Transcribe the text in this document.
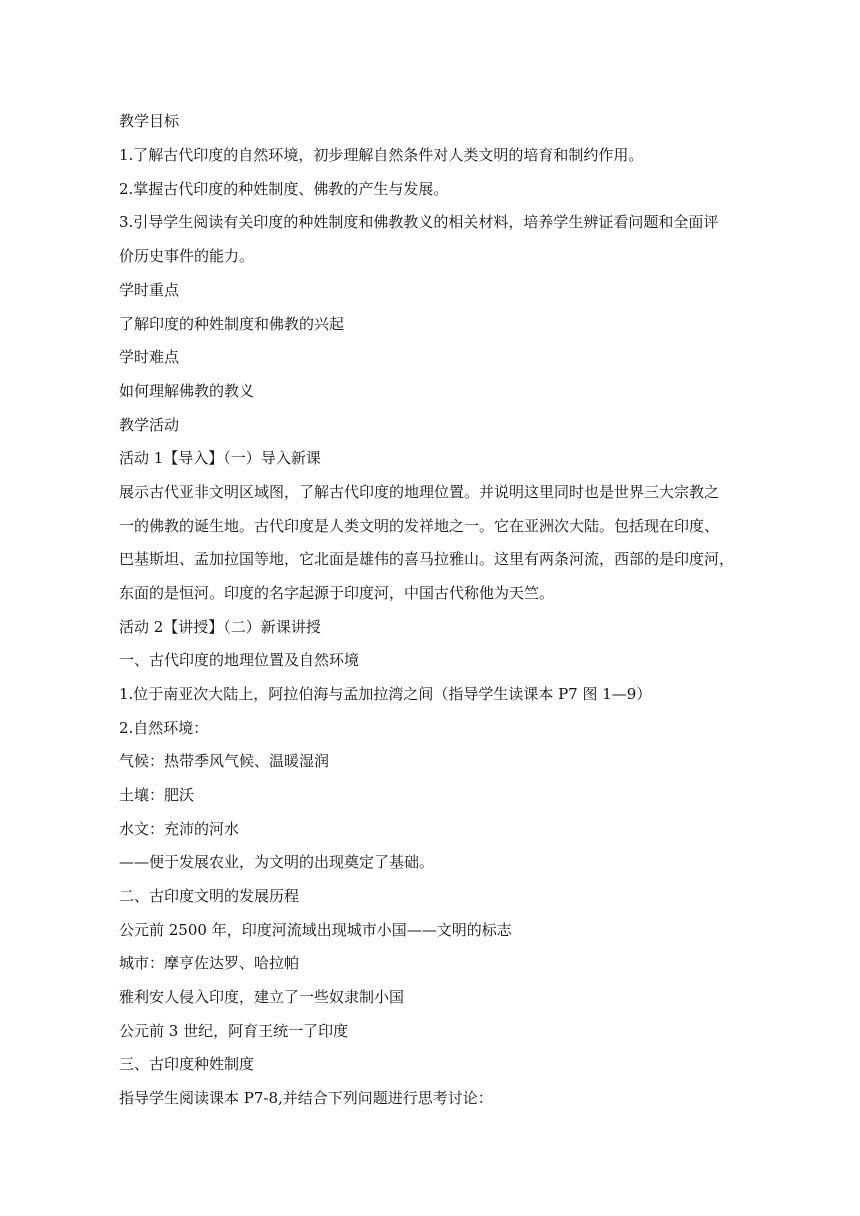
教学目标
1.了解古代印度的自然环境，初步理解自然条件对人类文明的培育和制约作用。
2.掌握古代印度的种姓制度、佛教的产生与发展。
3.引导学生阅读有关印度的种姓制度和佛教教义的相关材料，培养学生辨证看问题和全面评
价历史事件的能力。
学时重点
了解印度的种姓制度和佛教的兴起
学时难点
如何理解佛教的教义
教学活动
活动 1【导入】（一）导入新课
展示古代亚非文明区域图，了解古代印度的地理位置。并说明这里同时也是世界三大宗教之
一的佛教的诞生地。古代印度是人类文明的发祥地之一。它在亚洲次大陆。包括现在印度、
巴基斯坦、孟加拉国等地，它北面是雄伟的喜马拉雅山。这里有两条河流，西部的是印度河，
东面的是恒河。印度的名字起源于印度河，中国古代称他为天竺。
活动 2【讲授】（二）新课讲授
一、古代印度的地理位置及自然环境
1.位于南亚次大陆上，阿拉伯海与孟加拉湾之间（指导学生读课本 P7 图 1—9）
2.自然环境：
气候：热带季风气候、温暖湿润
土壤：肥沃
水文：充沛的河水
——便于发展农业，为文明的出现奠定了基础。
二、古印度文明的发展历程
公元前 2500 年，印度河流域出现城市小国——文明的标志
城市：摩亨佐达罗、哈拉帕
雅利安人侵入印度，建立了一些奴隶制小国
公元前 3 世纪，阿育王统一了印度
三、古印度种姓制度
指导学生阅读课本 P7-8,并结合下列问题进行思考讨论：
